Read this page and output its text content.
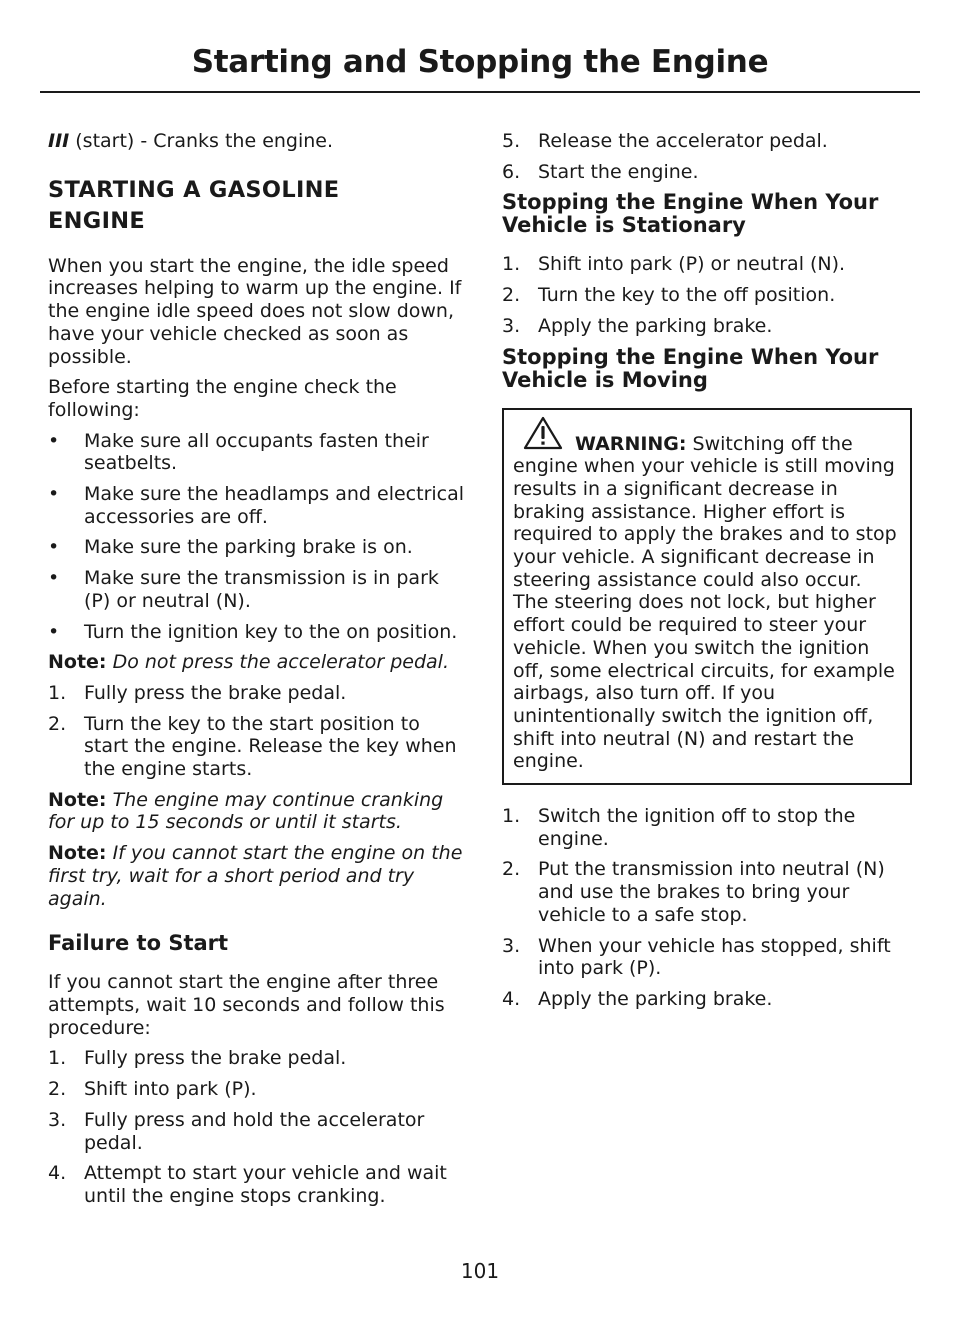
Starting and Stopping the Engine

III (start) - Cranks the engine.

STARTING A GASOLINE
ENGINE

When you start the engine, the idle speed increases helping to warm up the engine. If the engine idle speed does not slow down, have your vehicle checked as soon as possible.

Before starting the engine check the following:

• Make sure all occupants fasten their seatbelts.
• Make sure the headlamps and electrical accessories are off.
• Make sure the parking brake is on.
• Make sure the transmission is in park (P) or neutral (N).
• Turn the ignition key to the on position.

Note: Do not press the accelerator pedal.

1. Fully press the brake pedal.
2. Turn the key to the start position to start the engine. Release the key when the engine starts.

Note: The engine may continue cranking for up to 15 seconds or until it starts.

Note: If you cannot start the engine on the first try, wait for a short period and try again.

Failure to Start

If you cannot start the engine after three attempts, wait 10 seconds and follow this procedure:

1. Fully press the brake pedal.
2. Shift into park (P).
3. Fully press and hold the accelerator pedal.
4. Attempt to start your vehicle and wait until the engine stops cranking.
5. Release the accelerator pedal.
6. Start the engine.
Stopping the Engine When Your Vehicle is Stationary
1. Shift into park (P) or neutral (N).
2. Turn the key to the off position.
3. Apply the parking brake.
Stopping the Engine When Your Vehicle is Moving
WARNING: Switching off the engine when your vehicle is still moving results in a significant decrease in braking assistance. Higher effort is required to apply the brakes and to stop your vehicle. A significant decrease in steering assistance could also occur. The steering does not lock, but higher effort could be required to steer your vehicle. When you switch the ignition off, some electrical circuits, for example airbags, also turn off. If you unintentionally switch the ignition off, shift into neutral (N) and restart the engine.
1. Switch the ignition off to stop the engine.
2. Put the transmission into neutral (N) and use the brakes to bring your vehicle to a safe stop.
3. When your vehicle has stopped, shift into park (P).
4. Apply the parking brake.
101
